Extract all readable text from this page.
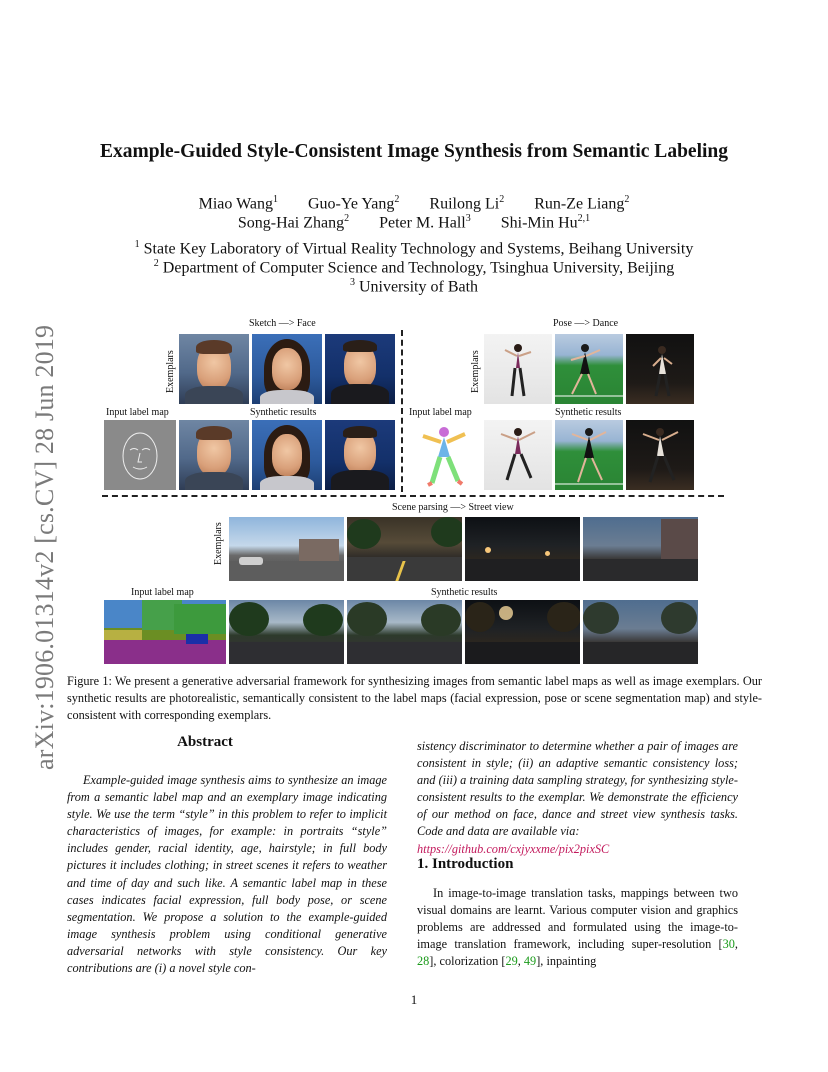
arXiv:1906.01314v2 [cs.CV] 28 Jun 2019
Example-Guided Style-Consistent Image Synthesis from Semantic Labeling
Miao Wang$^1$ Guo-Ye Yang$^2$ Ruilong Li$^2$ Run-Ze Liang$^2$
Song-Hai Zhang$^2$ Peter M. Hall$^3$ Shi-Min Hu$^{2,1}$
$^1$ State Key Laboratory of Virtual Reality Technology and Systems, Beihang University
$^2$ Department of Computer Science and Technology, Tsinghua University, Beijing
$^3$ University of Bath
Sketch —> Face
Exemplars
Input label map	Synthetic results
Pose —> Dance
Exemplars
Input label map	Synthetic results
Scene parsing —> Street view
Exemplars
Input label map	Synthetic results
Figure 1: We present a generative adversarial framework for synthesizing images from semantic label maps as well as image exemplars. Our synthetic results are photorealistic, semantically consistent to the label maps (facial expression, pose or scene segmentation map) and style-consistent with corresponding exemplars.
Abstract
Example-guided image synthesis aims to synthesize an image from a semantic label map and an exemplary image indicating style. We use the term “style” in this problem to refer to implicit characteristics of images, for example: in portraits “style” includes gender, racial identity, age, hairstyle; in full body pictures it includes clothing; in street scenes it refers to weather and time of day and such like. A semantic label map in these cases indicates facial expression, full body pose, or scene segmentation. We propose a solution to the example-guided image synthesis problem using conditional generative adversarial networks with style consistency. Our key contributions are (i) a novel style con-
sistency discriminator to determine whether a pair of images are consistent in style; (ii) an adaptive semantic consistency loss; and (iii) a training data sampling strategy, for synthesizing style-consistent results to the exemplar. We demonstrate the efficiency of our method on face, dance and street view synthesis tasks. Code and data are available via:
https://github.com/cxjyxxme/pix2pixSC
1. Introduction
In image-to-image translation tasks, mappings between two visual domains are learnt. Various computer vision and graphics problems are addressed and formulated using the image-to-image translation framework, including super-resolution [30, 28], colorization [29, 49], inpainting
1
